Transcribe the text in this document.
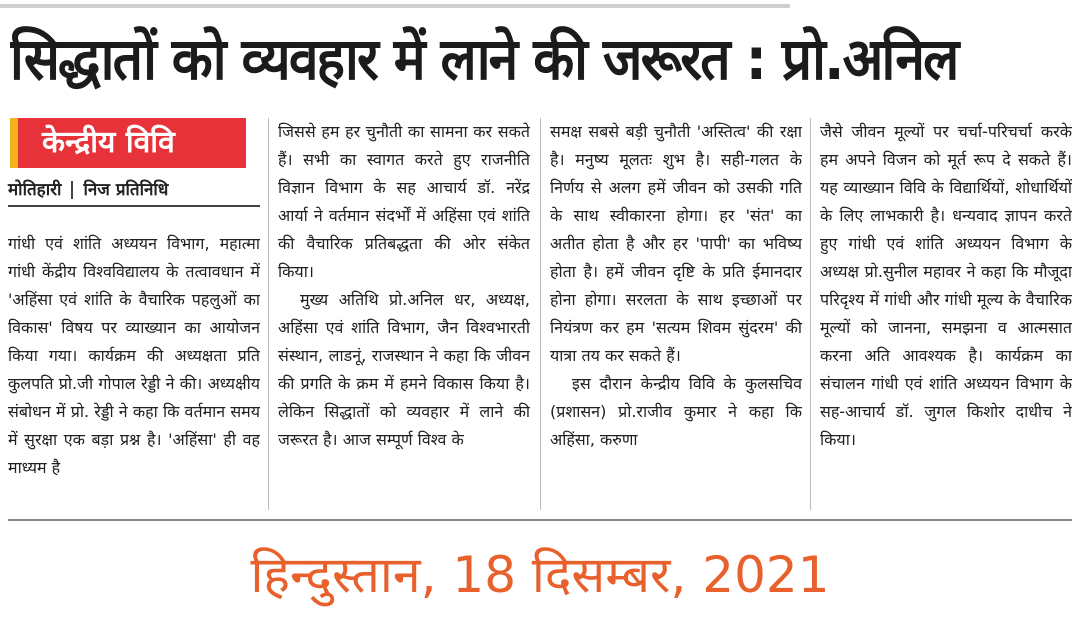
सिद्धातों को व्यवहार में लाने की जरूरत : प्रो.अनिल
केन्द्रीय विवि
मोतिहारी निज प्रतिनिधि

गांधी एवं शांति अध्ययन विभाग, महात्मा गांधी केंद्रीय विश्वविद्यालय के तत्वावधान में 'अहिंसा एवं शांति के वैचारिक पहलुओं का विकास' विषय पर व्याख्यान का आयोजन किया गया। कार्यक्रम की अध्यक्षता प्रति कुलपति प्रो.जी गोपाल रेड्डी ने की। अध्यक्षीय संबोधन में प्रो. रेड्डी ने कहा कि वर्तमान समय में सुरक्षा एक बड़ा प्रश्न है। 'अहिंसा' ही वह माध्यम है

जिससे हम हर चुनौती का सामना कर सकते हैं। सभी का स्वागत करते हुए राजनीति विज्ञान विभाग के सह आचार्य डॉ. नरेंद्र आर्या ने वर्तमान संदर्भों में अहिंसा एवं शांति की वैचारिक प्रतिबद्धता की ओर संकेत किया।

मुख्य अतिथि प्रो.अनिल धर, अध्यक्ष, अहिंसा एवं शांति विभाग, जैन विश्वभारती संस्थान, लाडनूं, राजस्थान ने कहा कि जीवन की प्रगति के क्रम में हमने विकास किया है। लेकिन सिद्धातों को व्यवहार में लाने की जरूरत है। आज सम्पूर्ण विश्व के

समक्ष सबसे बड़ी चुनौती 'अस्तित्व' की रक्षा है। मनुष्य मूलतः शुभ है। सही-गलत के निर्णय से अलग हमें जीवन को उसकी गति के साथ स्वीकारना होगा। हर 'संत' का अतीत होता है और हर 'पापी' का भविष्य होता है। हमें जीवन दृष्टि के प्रति ईमानदार होना होगा। सरलता के साथ इच्छाओं पर नियंत्रण कर हम 'सत्यम शिवम सुंदरम' की यात्रा तय कर सकते हैं।

इस दौरान केन्द्रीय विवि के कुलसचिव (प्रशासन) प्रो.राजीव कुमार ने कहा कि अहिंसा, करुणा

जैसे जीवन मूल्यों पर चर्चा-परिचर्चा करके हम अपने विजन को मूर्त रूप दे सकते हैं। यह व्याख्यान विवि के विद्यार्थियों, शोधार्थियों के लिए लाभकारी है। धन्यवाद ज्ञापन करते हुए गांधी एवं शांति अध्ययन विभाग के अध्यक्ष प्रो.सुनील महावर ने कहा कि मौजूदा परिदृश्य में गांधी और गांधी मूल्य के वैचारिक मूल्यों को जानना, समझना व आत्मसात करना अति आवश्यक है। कार्यक्रम का संचालन गांधी एवं शांति अध्ययन विभाग के सह-आचार्य डॉ. जुगल किशोर दाधीच ने किया।

हिन्दुस्तान, 18 दिसम्बर, 2021
